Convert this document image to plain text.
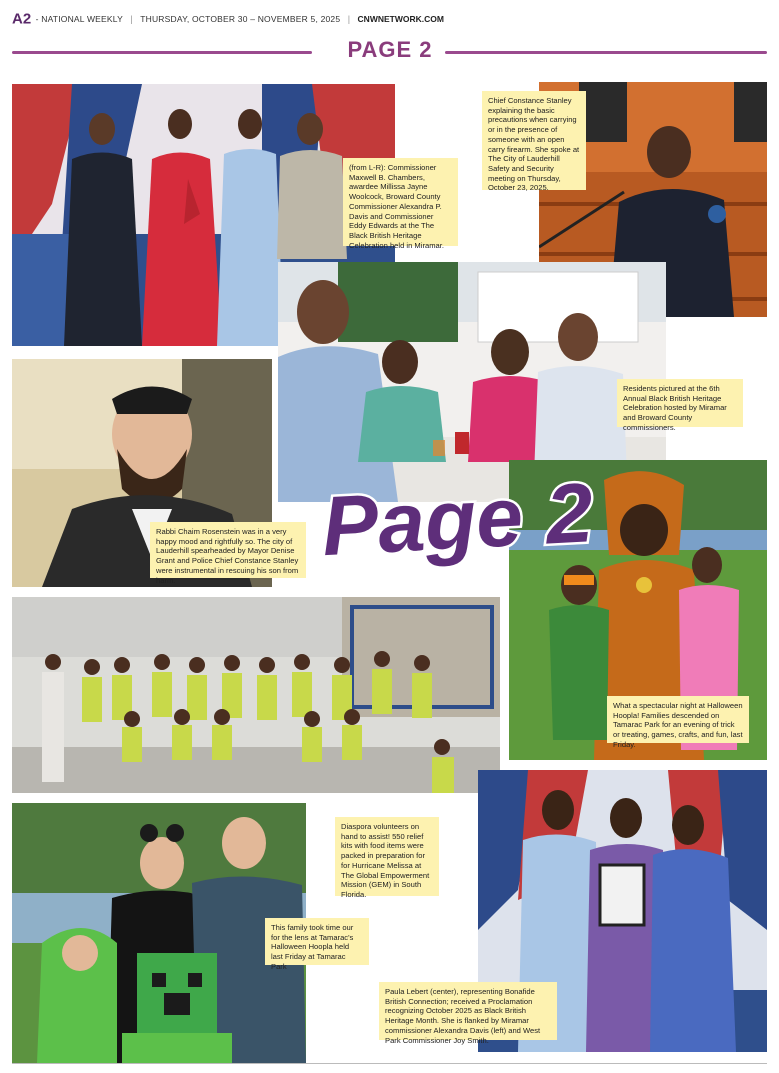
A2 - NATIONAL WEEKLY | THURSDAY, OCTOBER 30 – NOVEMBER 5, 2025 | CNWNETWORK.COM
PAGE 2
(from L-R): Commissioner Maxwell B. Chambers, awardee Millissa Jayne Woolcock, Broward County Commissioner Alexandra P. Davis and Commissioner Eddy Edwards at the The Black British Heritage Celebration held in Miramar.
Chief Constance Stanley explaining the basic precautions when carrying or in the presence of someone with an open carry firearm. She spoke at The City of Lauderhill Safety and Security meeting on Thursday, October 23, 2025.
Residents pictured at the 6th Annual Black British Heritage Celebration hosted by Miramar and Broward County commissioners.
Rabbi Chaim Rosenstein was in a very happy mood and rightfully so. The city of Lauderhill spearheaded by Mayor Denise Grant and Police Chief Constance Stanley were instrumental in rescuing his son from harm.
What a spectacular night at Halloween Hoopla! Families descended on Tamarac Park for an evening of trick or treating, games, crafts, and fun, last Friday.
Page 2
Diaspora volunteers on hand to assist! 550 relief kits with food items were packed in preparation for for Hurricane Melissa at The Global Empowerment Mission (GEM) in South Florida.
This family took time our for the lens at Tamarac's Halloween Hoopla held last Friday at Tamarac Park
Paula Lebert (center), representing Bonafide British Connection; received a Proclamation recognizing October 2025 as Black British Heritage Month. She is flanked by Miramar commissioner Alexandra Davis (left) and West Park Commissioner Joy Smith.
